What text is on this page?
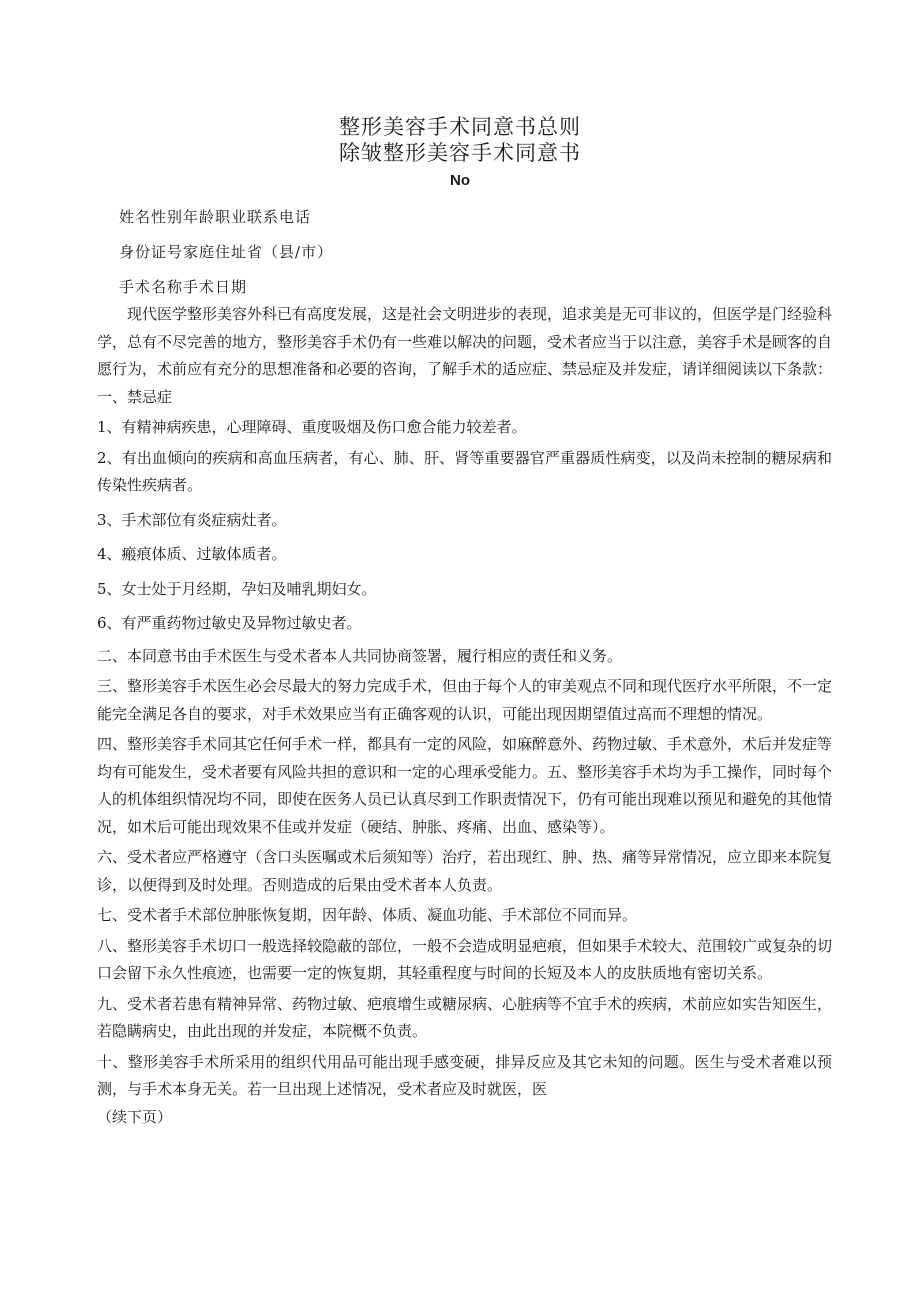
整形美容手术同意书总则
除皱整形美容手术同意书
No
姓名性别年龄职业联系电话
身份证号家庭住址省（县/市）
手术名称手术日期

现代医学整形美容外科已有高度发展，这是社会文明进步的表现，追求美是无可非议的，但医学是门经验科学，总有不尽完善的地方，整形美容手术仍有一些难以解决的问题，受术者应当于以注意，美容手术是顾客的自愿行为，术前应有充分的思想准备和必要的咨询，了解手术的适应症、禁忌症及并发症，请详细阅读以下条款：一、禁忌症

1、有精神病疾患，心理障碍、重度吸烟及伤口愈合能力较差者。

2、有出血倾向的疾病和高血压病者，有心、肺、肝、肾等重要器官严重器质性病变，以及尚未控制的糖尿病和传染性疾病者。

3、手术部位有炎症病灶者。

4、瘢痕体质、过敏体质者。

5、女士处于月经期，孕妇及哺乳期妇女。

6、有严重药物过敏史及异物过敏史者。

二、本同意书由手术医生与受术者本人共同协商签署，履行相应的责任和义务。

三、整形美容手术医生必会尽最大的努力完成手术，但由于每个人的审美观点不同和现代医疗水平所限，不一定能完全满足各自的要求，对手术效果应当有正确客观的认识，可能出现因期望值过高而不理想的情况。

四、整形美容手术同其它任何手术一样，都具有一定的风险，如麻醉意外、药物过敏、手术意外，术后并发症等均有可能发生，受术者要有风险共担的意识和一定的心理承受能力。五、整形美容手术均为手工操作，同时每个人的机体组织情况均不同，即使在医务人员已认真尽到工作职责情况下，仍有可能出现难以预见和避免的其他情况，如术后可能出现效果不佳或并发症（硬结、肿胀、疼痛、出血、感染等）。

六、受术者应严格遵守（含口头医嘱或术后须知等）治疗，若出现红、肿、热、痛等异常情况，应立即来本院复诊，以便得到及时处理。否则造成的后果由受术者本人负责。

七、受术者手术部位肿胀恢复期，因年龄、体质、凝血功能、手术部位不同而异。

八、整形美容手术切口一般选择较隐蔽的部位，一般不会造成明显疤痕，但如果手术较大、范围较广或复杂的切口会留下永久性痕迹，也需要一定的恢复期，其轻重程度与时间的长短及本人的皮肤质地有密切关系。

九、受术者若患有精神异常、药物过敏、疤痕增生或糖尿病、心脏病等不宜手术的疾病，术前应如实告知医生，若隐瞒病史，由此出现的并发症，本院概不负责。

十、整形美容手术所采用的组织代用品可能出现手感变硬，排异反应及其它未知的问题。医生与受术者难以预测，与手术本身无关。若一旦出现上述情况，受术者应及时就医，医

（续下页）
